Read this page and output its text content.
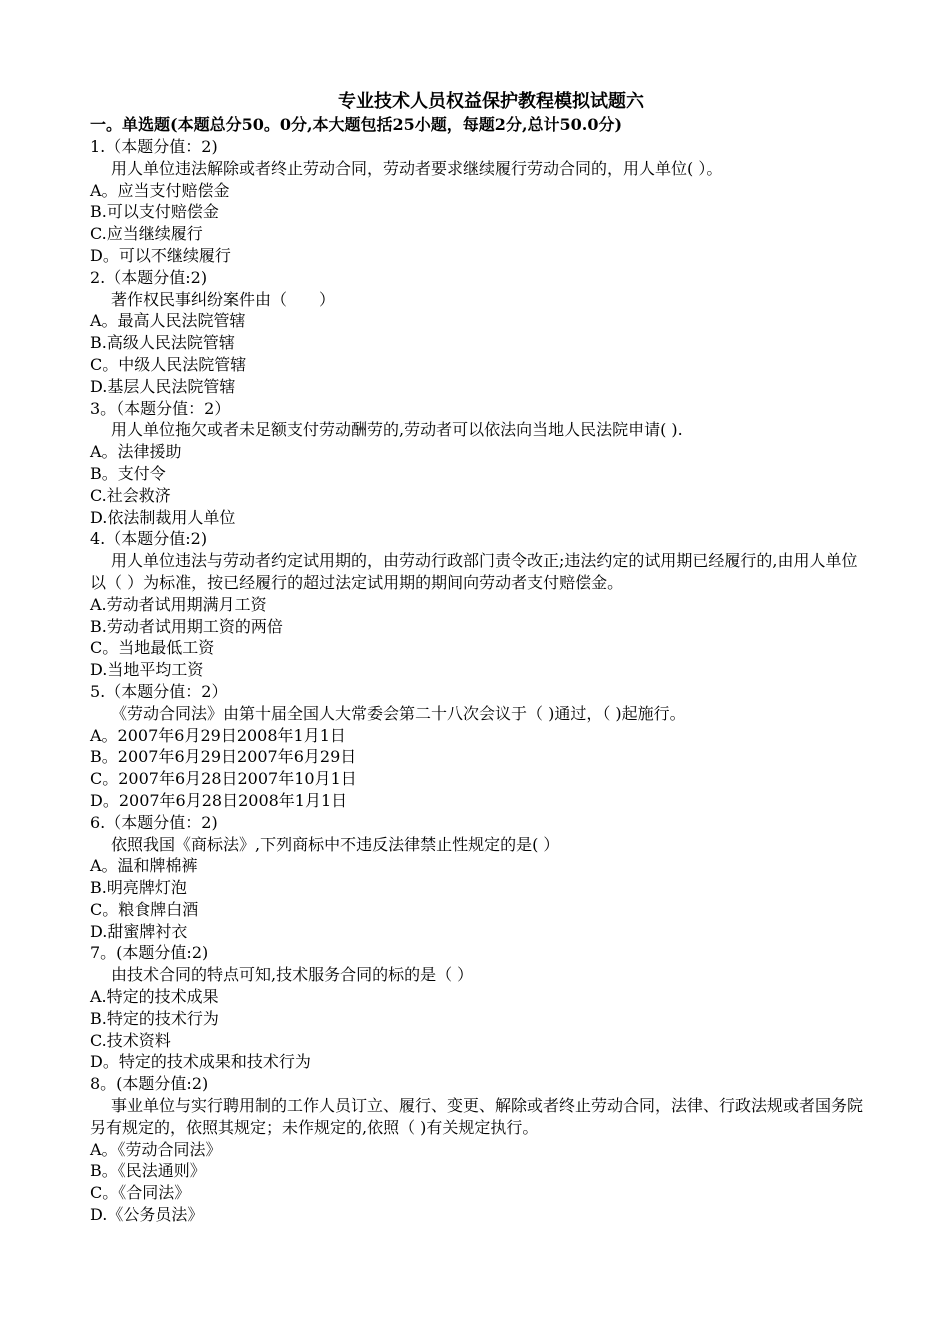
专业技术人员权益保护教程模拟试题六
一。单选题(本题总分50。0分,本大题包括25小题，每题2分,总计50.0分)
1.（本题分值：2)
用人单位违法解除或者终止劳动合同，劳动者要求继续履行劳动合同的，用人单位( ）。
A。应当支付赔偿金
B.可以支付赔偿金
C.应当继续履行
D。可以不继续履行
2.（本题分值:2)
著作权民事纠纷案件由（　　）
A。最高人民法院管辖
B.高级人民法院管辖
C。中级人民法院管辖
D.基层人民法院管辖
3。（本题分值：2）
用人单位拖欠或者未足额支付劳动酬劳的,劳动者可以依法向当地人民法院申请( ).
A。法律援助
B。支付令
C.社会救济
D.依法制裁用人单位
4.（本题分值:2)
用人单位违法与劳动者约定试用期的，由劳动行政部门责令改正;违法约定的试用期已经履行的,由用人单位以（ ）为标准，按已经履行的超过法定试用期的期间向劳动者支付赔偿金。
A.劳动者试用期满月工资
B.劳动者试用期工资的两倍
C。当地最低工资
D.当地平均工资
5.（本题分值：2）
《劳动合同法》由第十届全国人大常委会第二十八次会议于（ )通过，（ )起施行。
A。2007年6月29日2008年1月1日
B。2007年6月29日2007年6月29日
C。2007年6月28日2007年10月1日
D。2007年6月28日2008年1月1日
6.（本题分值：2)
依照我国《商标法》,下列商标中不违反法律禁止性规定的是( ）
A。温和牌棉裤
B.明亮牌灯泡
C。粮食牌白酒
D.甜蜜牌衬衣
7。(本题分值:2)
由技术合同的特点可知,技术服务合同的标的是（ ）
A.特定的技术成果
B.特定的技术行为
C.技术资料
D。特定的技术成果和技术行为
8。(本题分值:2)
事业单位与实行聘用制的工作人员订立、履行、变更、解除或者终止劳动合同，法律、行政法规或者国务院另有规定的，依照其规定；未作规定的,依照（ )有关规定执行。
A。《劳动合同法》
B。《民法通则》
C。《合同法》
D.《公务员法》
